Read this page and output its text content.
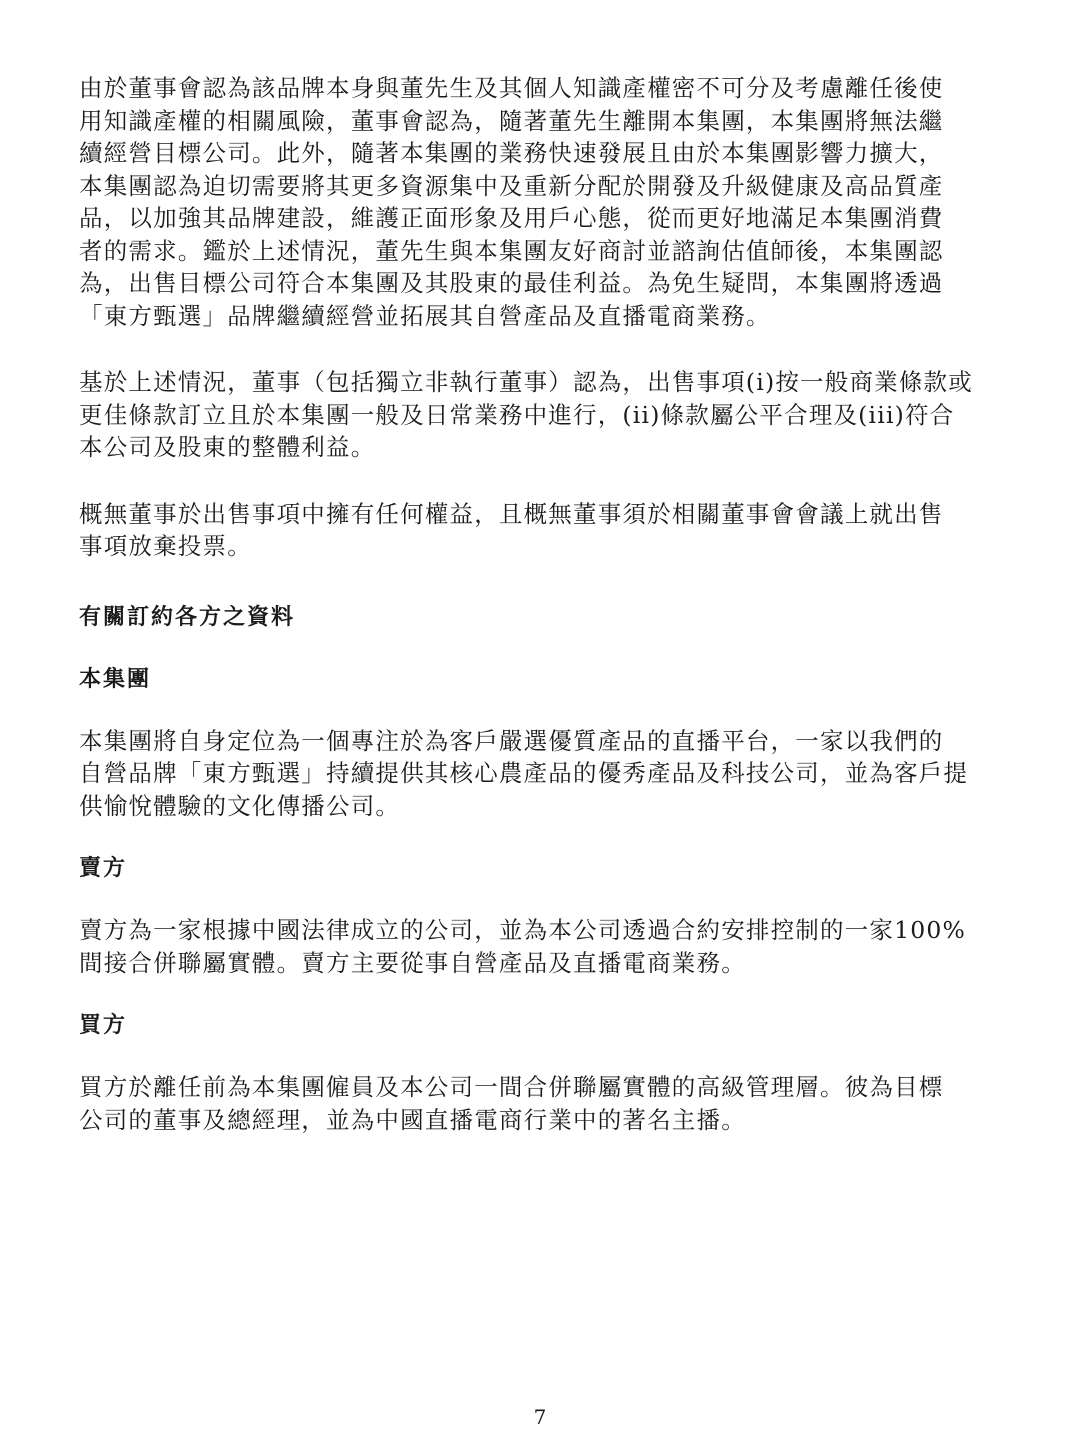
由於董事會認為該品牌本身與董先生及其個人知識產權密不可分及考慮離任後使
用知識產權的相關風險，董事會認為，隨著董先生離開本集團，本集團將無法繼
續經營目標公司。此外，隨著本集團的業務快速發展且由於本集團影響力擴大，
本集團認為迫切需要將其更多資源集中及重新分配於開發及升級健康及高品質產
品，以加強其品牌建設，維護正面形象及用戶心態，從而更好地滿足本集團消費
者的需求。鑑於上述情況，董先生與本集團友好商討並諮詢估值師後，本集團認
為，出售目標公司符合本集團及其股東的最佳利益。為免生疑問，本集團將透過
「東方甄選」品牌繼續經營並拓展其自營產品及直播電商業務。

基於上述情況，董事（包括獨立非執行董事）認為，出售事項(i)按一般商業條款或
更佳條款訂立且於本集團一般及日常業務中進行，(ii)條款屬公平合理及(iii)符合
本公司及股東的整體利益。

概無董事於出售事項中擁有任何權益，且概無董事須於相關董事會會議上就出售
事項放棄投票。

有關訂約各方之資料
本集團

本集團將自身定位為一個專注於為客戶嚴選優質產品的直播平台，一家以我們的
自營品牌「東方甄選」持續提供其核心農產品的優秀產品及科技公司，並為客戶提
供愉悅體驗的文化傳播公司。

賣方

賣方為一家根據中國法律成立的公司，並為本公司透過合約安排控制的一家100%
間接合併聯屬實體。賣方主要從事自營產品及直播電商業務。

買方

買方於離任前為本集團僱員及本公司一間合併聯屬實體的高級管理層。彼為目標
公司的董事及總經理，並為中國直播電商行業中的著名主播。

7
